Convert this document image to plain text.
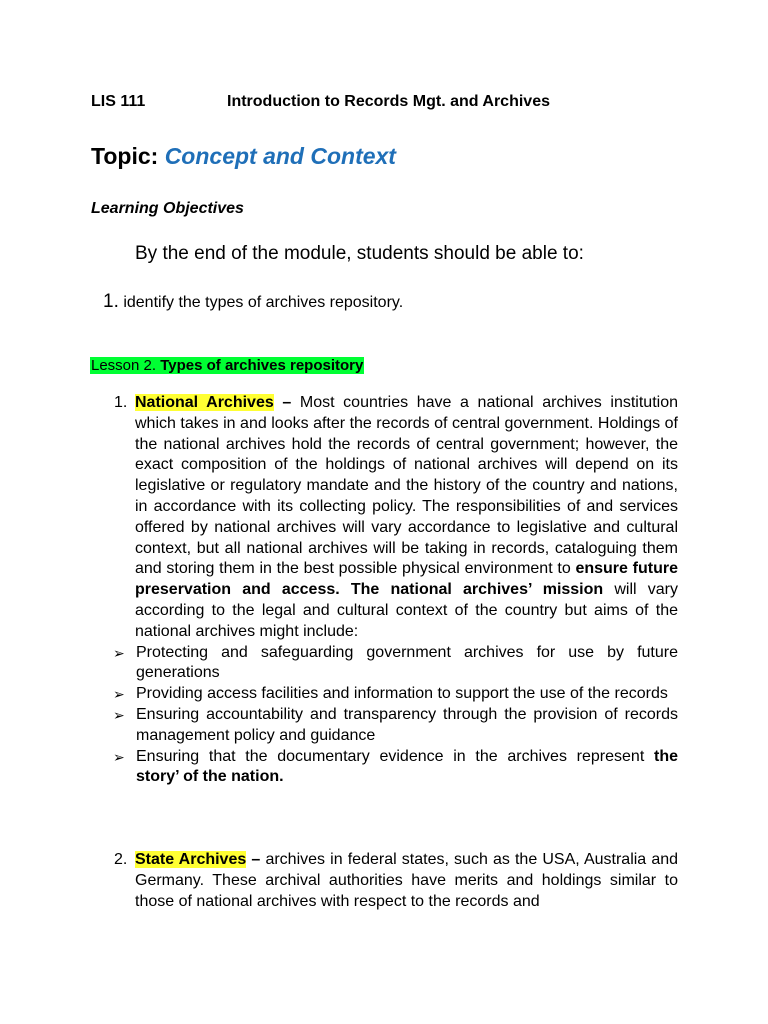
LIS 111	Introduction to Records Mgt. and Archives
Topic: Concept and Context
Learning Objectives
By the end of the module, students should be able to:
1. identify the types of archives repository.
Lesson 2. Types of archives repository
1. National Archives – Most countries have a national archives institution which takes in and looks after the records of central government. Holdings of the national archives hold the records of central government; however, the exact composition of the holdings of national archives will depend on its legislative or regulatory mandate and the history of the country and nations, in accordance with its collecting policy. The responsibilities of and services offered by national archives will vary accordance to legislative and cultural context, but all national archives will be taking in records, cataloguing them and storing them in the best possible physical environment to ensure future preservation and access. The national archives’ mission will vary according to the legal and cultural context of the country but aims of the national archives might include:
➢ Protecting and safeguarding government archives for use by future generations
➢ Providing access facilities and information to support the use of the records
➢ Ensuring accountability and transparency through the provision of records management policy and guidance
➢ Ensuring that the documentary evidence in the archives represent the story’ of the nation.
2. State Archives – archives in federal states, such as the USA, Australia and Germany. These archival authorities have merits and holdings similar to those of national archives with respect to the records and
